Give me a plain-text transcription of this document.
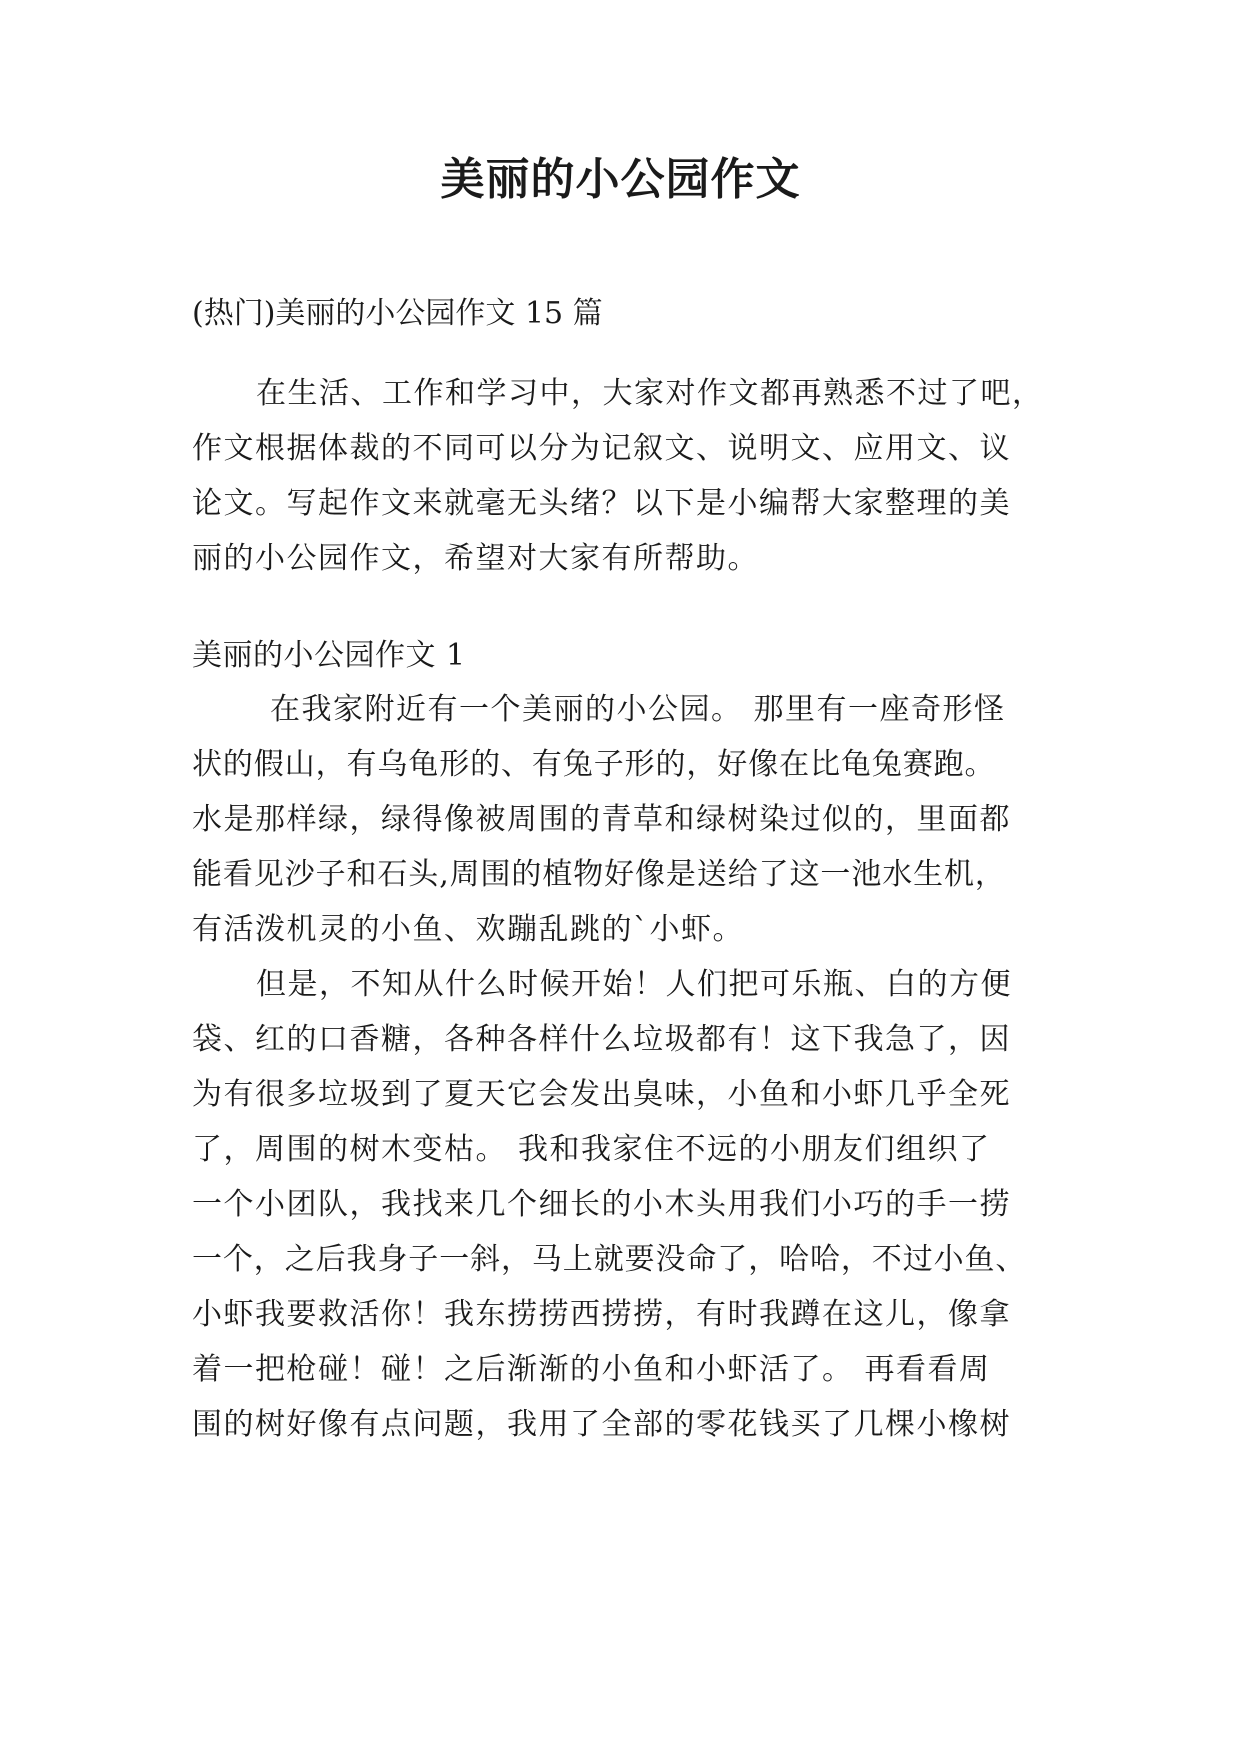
美丽的小公园作文
(热门)美丽的小公园作文 15 篇
在生活、工作和学习中，大家对作文都再熟悉不过了吧，
作文根据体裁的不同可以分为记叙文、说明文、应用文、议
论文。写起作文来就毫无头绪？以下是小编帮大家整理的美
丽的小公园作文，希望对大家有所帮助。
美丽的小公园作文 1
在我家附近有一个美丽的小公园。 那里有一座奇形怪
状的假山，有乌龟形的、有兔子形的，好像在比龟兔赛跑。
水是那样绿，绿得像被周围的青草和绿树染过似的，里面都
能看见沙子和石头,周围的植物好像是送给了这一池水生机，
有活泼机灵的小鱼、欢蹦乱跳的`小虾。
但是，不知从什么时候开始！人们把可乐瓶、白的方便
袋、红的口香糖，各种各样什么垃圾都有！这下我急了，因
为有很多垃圾到了夏天它会发出臭味，小鱼和小虾几乎全死
了，周围的树木变枯。 我和我家住不远的小朋友们组织了
一个小团队，我找来几个细长的小木头用我们小巧的手一捞
一个，之后我身子一斜，马上就要没命了，哈哈，不过小鱼、
小虾我要救活你！我东捞捞西捞捞，有时我蹲在这儿，像拿
着一把枪碰！碰！之后渐渐的小鱼和小虾活了。 再看看周
围的树好像有点问题，我用了全部的零花钱买了几棵小橡树
